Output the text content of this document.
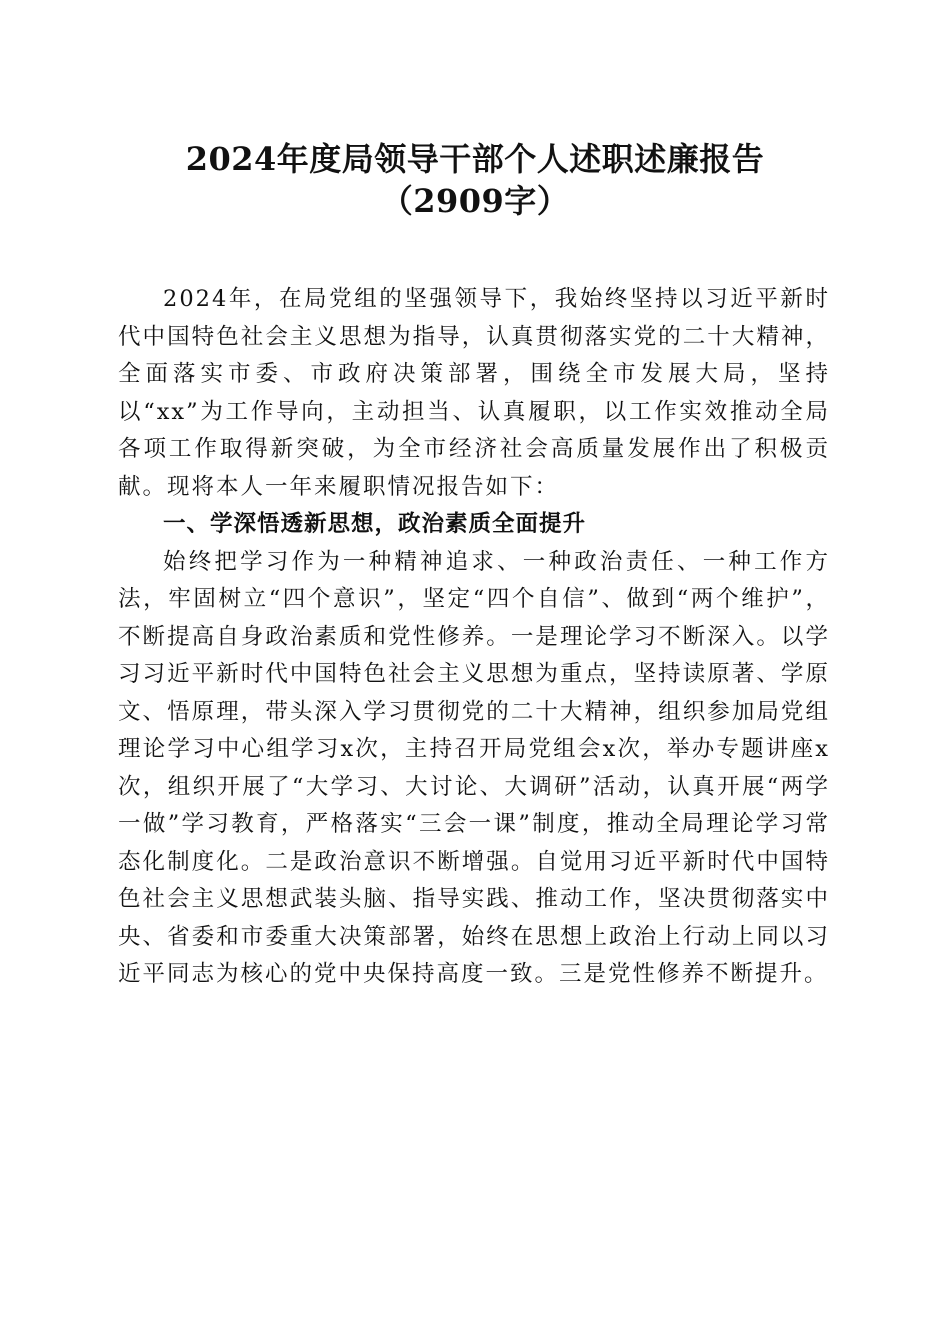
2024年度局领导干部个人述职述廉报告
（2909字）

2024年，在局党组的坚强领导下，我始终坚持以习近平新时代中国特色社会主义思想为指导，认真贯彻落实党的二十大精神，全面落实市委、市政府决策部署，围绕全市发展大局，坚持以“xx”为工作导向，主动担当、认真履职，以工作实效推动全局各项工作取得新突破，为全市经济社会高质量发展作出了积极贡献。现将本人一年来履职情况报告如下：

一、学深悟透新思想，政治素质全面提升

始终把学习作为一种精神追求、一种政治责任、一种工作方法，牢固树立“四个意识”，坚定“四个自信”、做到“两个维护”，不断提高自身政治素质和党性修养。一是理论学习不断深入。以学习习近平新时代中国特色社会主义思想为重点，坚持读原著、学原文、悟原理，带头深入学习贯彻党的二十大精神，组织参加局党组理论学习中心组学习x次，主持召开局党组会x次，举办专题讲座x次，组织开展了“大学习、大讨论、大调研”活动，认真开展“两学一做”学习教育，严格落实“三会一课”制度，推动全局理论学习常态化制度化。二是政治意识不断增强。自觉用习近平新时代中国特色社会主义思想武装头脑、指导实践、推动工作，坚决贯彻落实中央、省委和市委重大决策部署，始终在思想上政治上行动上同以习近平同志为核心的党中央保持高度一致。三是党性修养不断提升。
